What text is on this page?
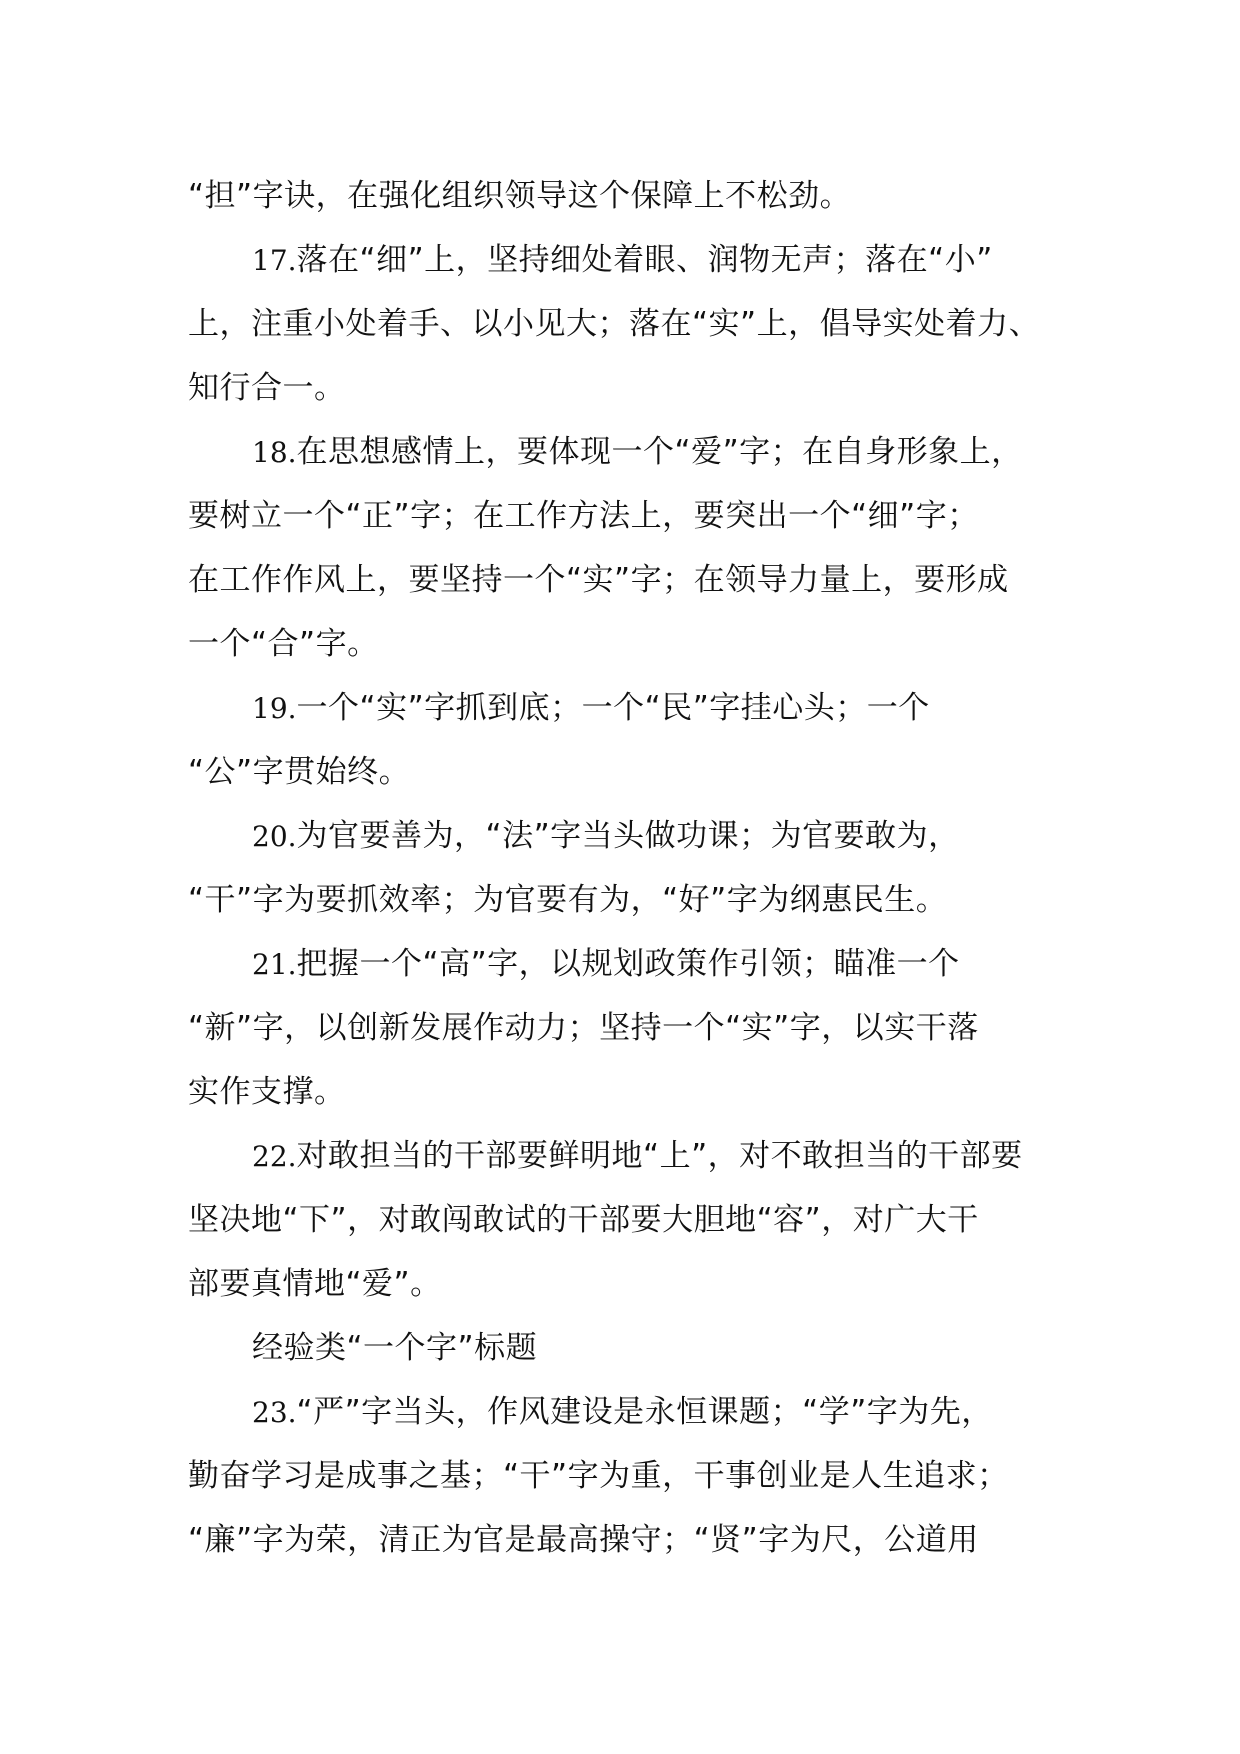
“担”字诀，在强化组织领导这个保障上不松劲。
17.落在“细”上，坚持细处着眼、润物无声；落在“小”
上，注重小处着手、以小见大；落在“实”上，倡导实处着力、
知行合一。
18.在思想感情上，要体现一个“爱”字；在自身形象上，
要树立一个“正”字；在工作方法上，要突出一个“细”字；
在工作作风上，要坚持一个“实”字；在领导力量上，要形成
一个“合”字。
19.一个“实”字抓到底；一个“民”字挂心头；一个
“公”字贯始终。
20.为官要善为，“法”字当头做功课；为官要敢为，
“干”字为要抓效率；为官要有为，“好”字为纲惠民生。
21.把握一个“高”字，以规划政策作引领；瞄准一个
“新”字，以创新发展作动力；坚持一个“实”字，以实干落
实作支撑。
22.对敢担当的干部要鲜明地“上”，对不敢担当的干部要
坚决地“下”，对敢闯敢试的干部要大胆地“容”，对广大干
部要真情地“爱”。
经验类“一个字”标题
23.“严”字当头，作风建设是永恒课题；“学”字为先，
勤奋学习是成事之基；“干”字为重，干事创业是人生追求；
“廉”字为荣，清正为官是最高操守；“贤”字为尺，公道用
